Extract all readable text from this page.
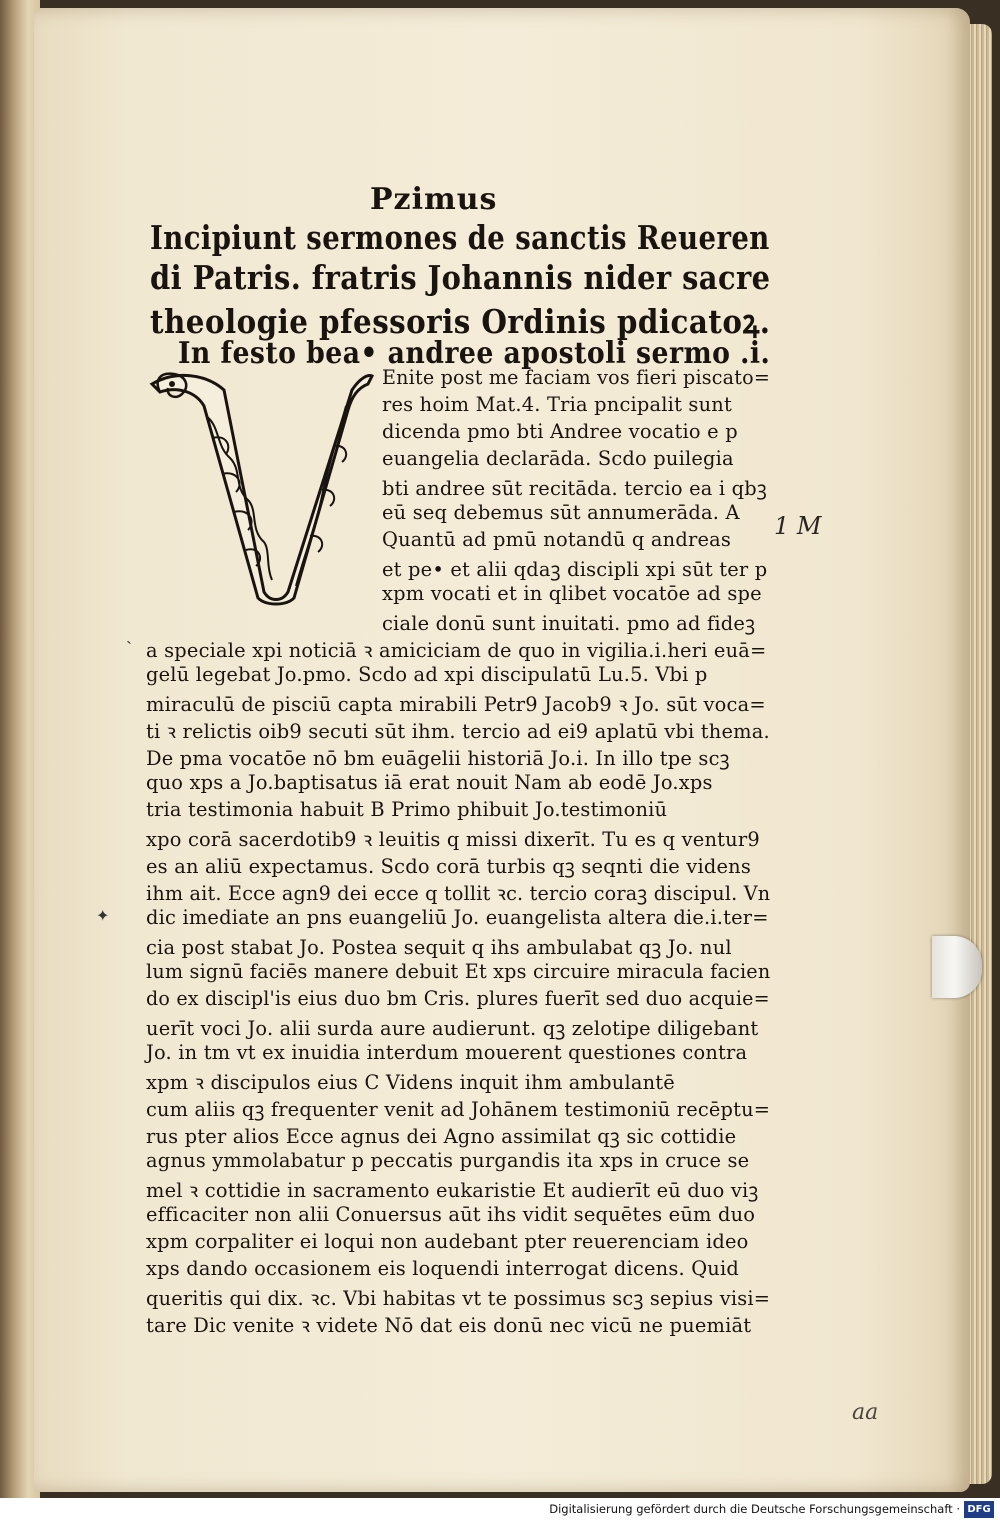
Pzimus
Incipiunt sermones de sanctis Reueren
di Patris. fratris Johannis nider sacre
theologie pfessoris Ordinis pdicatoꝝ.
In festo bea• andree apostoli sermo .i.
Enite post me faciam vos fieri piscato=
res hoim Mat.4. Tria pncipalit sunt
dicenda pmo bti Andree vocatio e p
euangelia declarāda. Scdo puilegia
bti andree sūt recitāda. tercio ea i qbꝫ
eū seq debemus sūt annumerāda. A
Quantū ad pmū notandū q andreas
et pe• et alii qdaꝫ discipli xpi sūt ter p
xpm vocati et in qlibet vocatōe ad spe
ciale donū sunt inuitati. pmo ad fideꝫ
a speciale xpi noticiā ꝛ amiciciam de quo in vigilia.i.heri euā=
gelū legebat Jo.pmo. Scdo ad xpi discipulatū Lu.5. Vbi p
miraculū de pisciū capta mirabili Petr9 Jacob9 ꝛ Jo. sūt voca=
ti ꝛ relictis oib9 secuti sūt ihm. tercio ad ei9 aplatū vbi thema.
De pma vocatōe nō bm euāgelii historiā Jo.i. In illo tpe scꝫ
quo xps a Jo.baptisatus iā erat nouit Nam ab eodē Jo.xps
tria testimonia habuit B Primo phibuit Jo.testimoniū
xpo corā sacerdotib9 ꝛ leuitis q missi dixerīt. Tu es q ventur9
es an aliū expectamus. Scdo corā turbis qꝫ seqnti die videns
ihm ait. Ecce agn9 dei ecce q tollit ꝛc. tercio coraꝫ discipul. Vn
dic imediate an pns euangeliū Jo. euangelista altera die.i.ter=
cia post stabat Jo. Postea sequit q ihs ambulabat qꝫ Jo. nul
lum signū faciēs manere debuit Et xps circuire miracula facien
do ex discipl'is eius duo bm Cris. plures fuerīt sed duo acquie=
uerīt voci Jo. alii surda aure audierunt. qꝫ zelotipe diligebant
Jo. in tm vt ex inuidia interdum mouerent questiones contra
xpm ꝛ discipulos eius C Videns inquit ihm ambulantē
cum aliis qꝫ frequenter venit ad Johānem testimoniū recēptu=
rus pter alios Ecce agnus dei Agno assimilat qꝫ sic cottidie
agnus ymmolabatur p peccatis purgandis ita xps in cruce se
mel ꝛ cottidie in sacramento eukaristie Et audierīt eū duo viꝫ
efficaciter non alii Conuersus aūt ihs vidit sequētes eūm duo
xpm corpaliter ei loqui non audebant pter reuerenciam ideo
xps dando occasionem eis loquendi interrogat dicens. Quid
queritis qui dix. ꝛc. Vbi habitas vt te possimus scꝫ sepius visi=
tare Dic venite ꝛ videte Nō dat eis donū nec vicū ne puemiāt
1 M
aa
✦
ˎ
Digitalisierung gefördert durch die Deutsche Forschungsgemeinschaft · DFG
